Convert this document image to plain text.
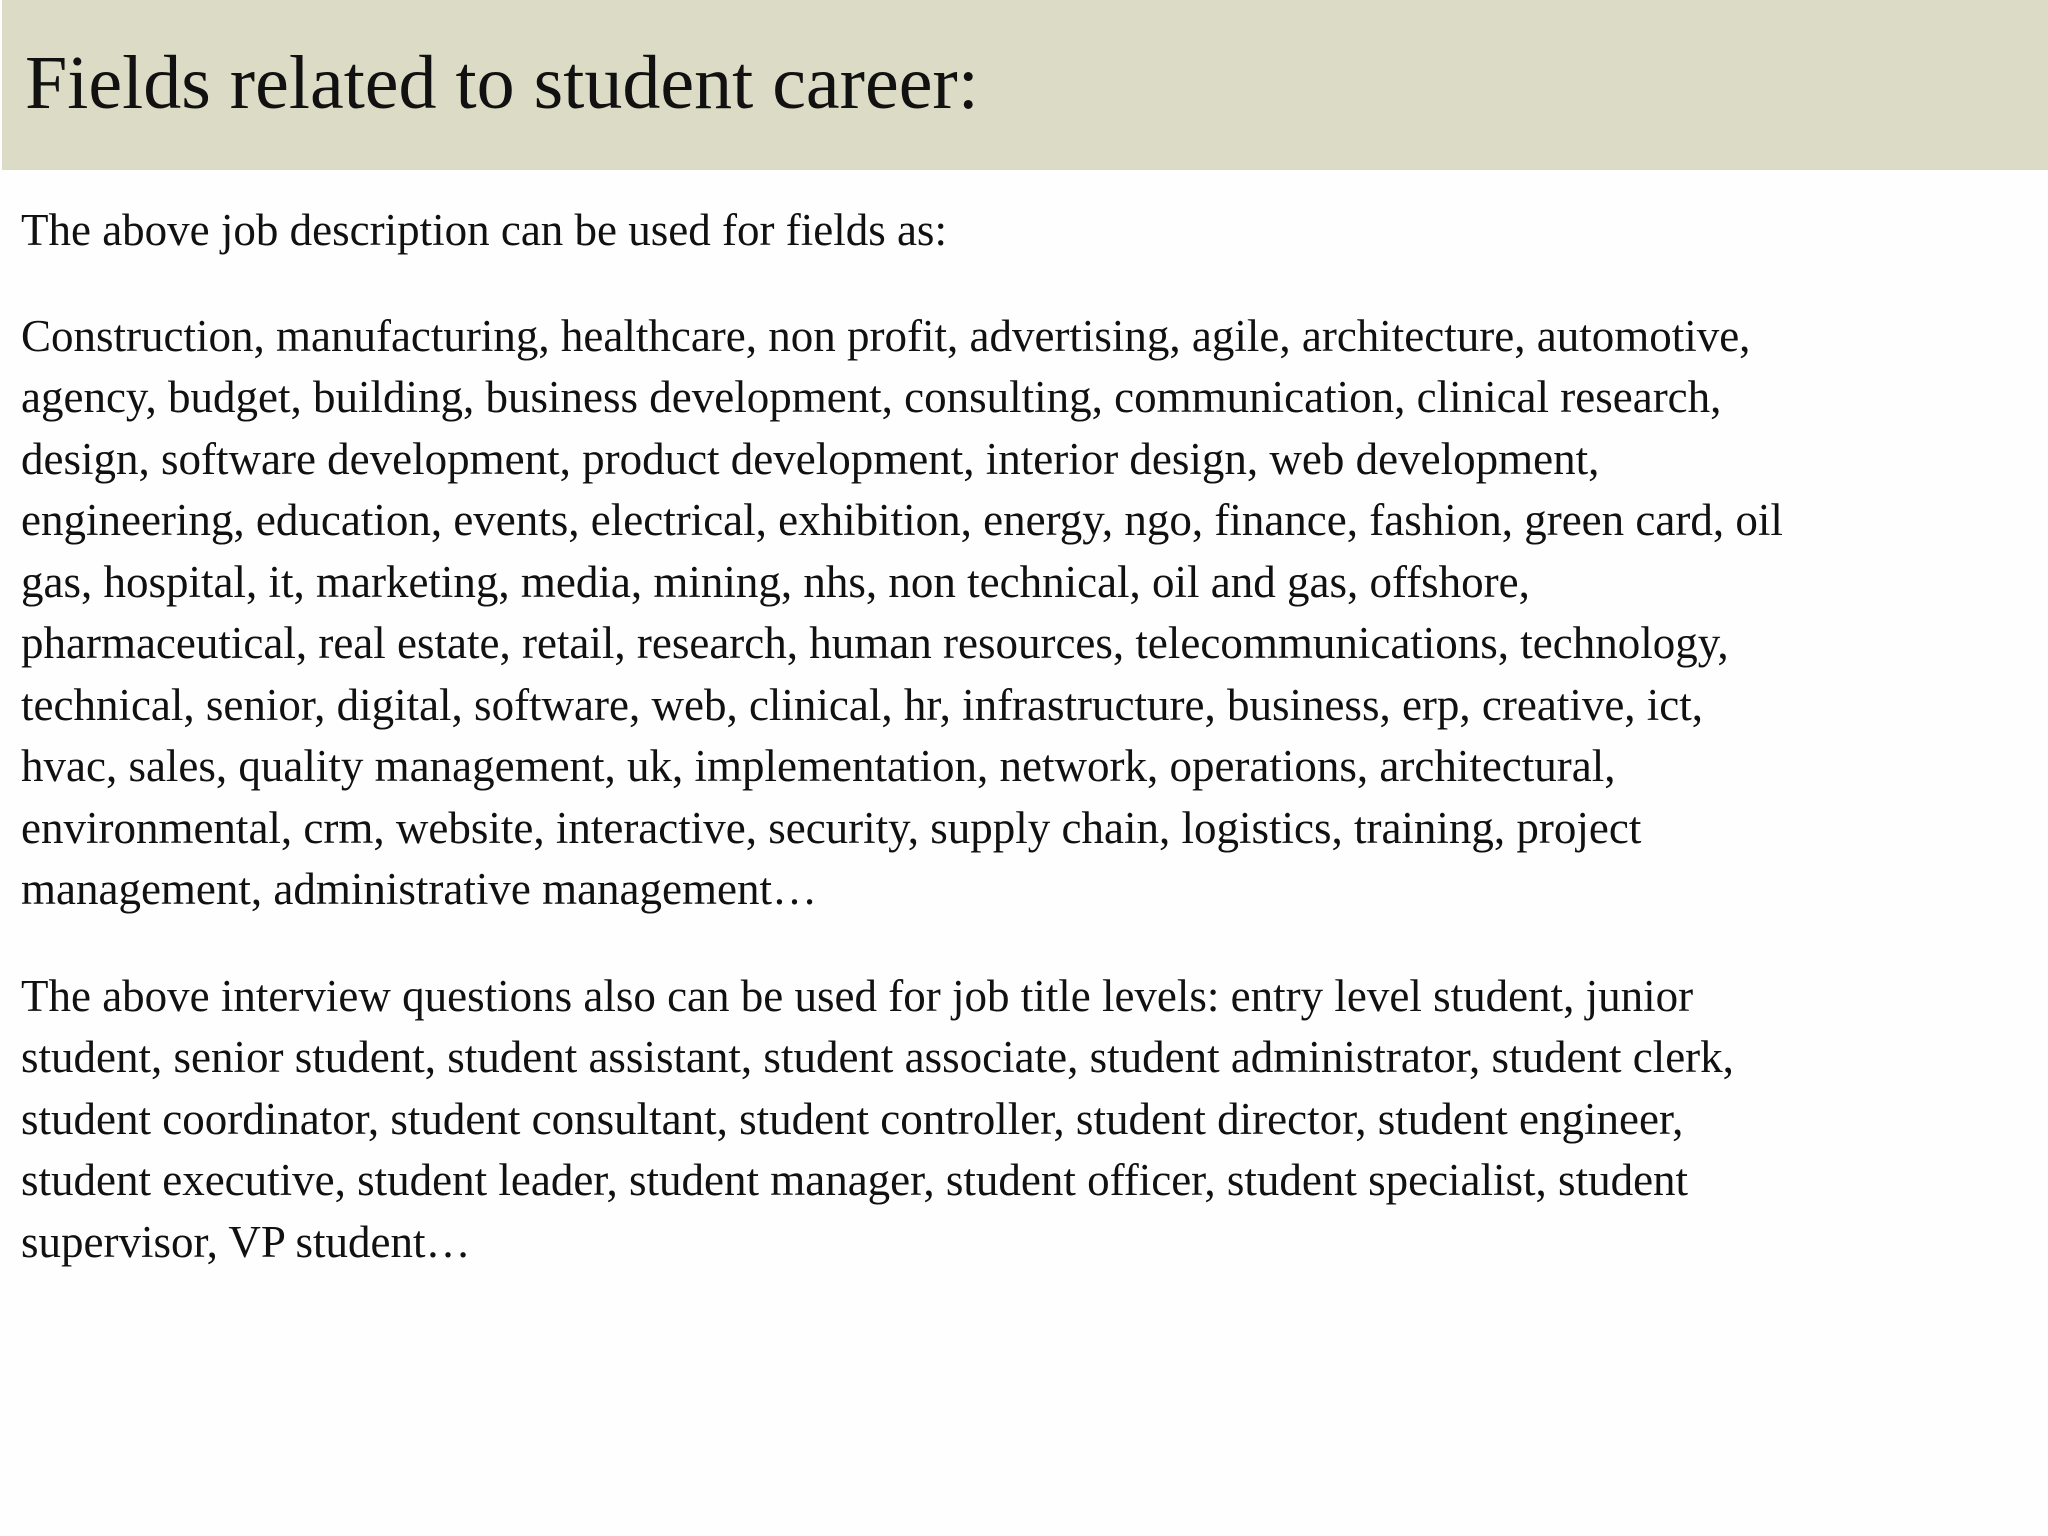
Fields related to student career:

The above job description can be used for fields as:

Construction, manufacturing, healthcare, non profit, advertising, agile, architecture, automotive,
agency, budget, building, business development, consulting, communication, clinical research,
design, software development, product development, interior design, web development,
engineering, education, events, electrical, exhibition, energy, ngo, finance, fashion, green card, oil
gas, hospital, it, marketing, media, mining, nhs, non technical, oil and gas, offshore,
pharmaceutical, real estate, retail, research, human resources, telecommunications, technology,
technical, senior, digital, software, web, clinical, hr, infrastructure, business, erp, creative, ict,
hvac, sales, quality management, uk, implementation, network, operations, architectural,
environmental, crm, website, interactive, security, supply chain, logistics, training, project
management, administrative management…

The above interview questions also can be used for job title levels: entry level student, junior
student, senior student, student assistant, student associate, student administrator, student clerk,
student coordinator, student consultant, student controller, student director, student engineer,
student executive, student leader, student manager, student officer, student specialist, student
supervisor, VP student…
